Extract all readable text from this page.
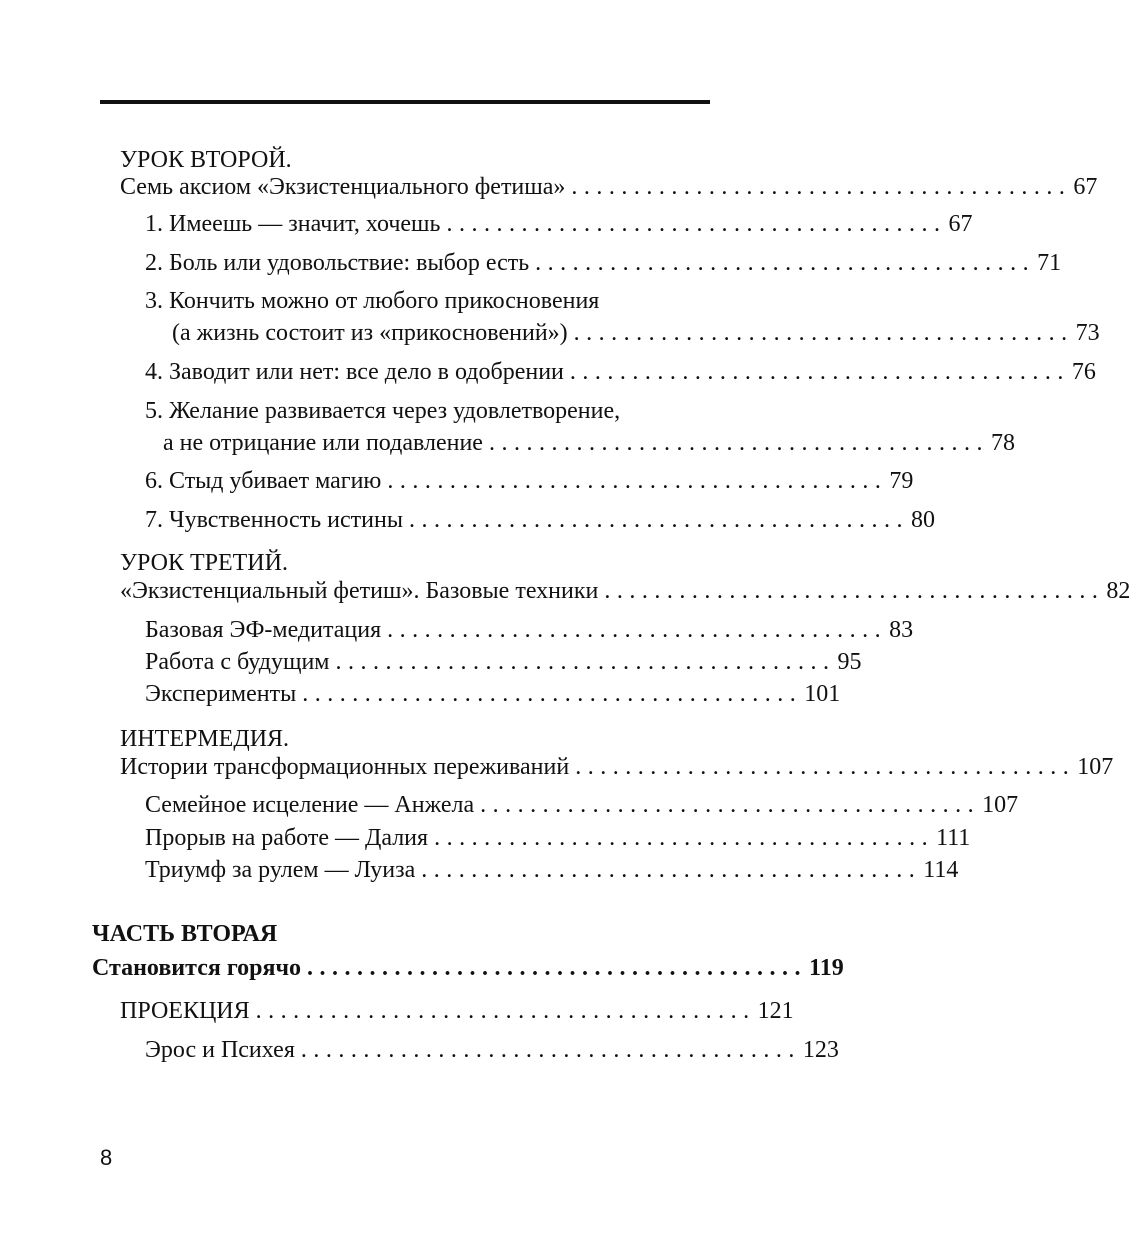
УРОК ВТОРОЙ.
Семь аксиом «Экзистенциального фетиша» ........................................ 67
1. Имеешь — значит, хочешь ........................................ 67
2. Боль или удовольствие: выбор есть ........................................ 71
3. Кончить можно от любого прикосновения
(а жизнь состоит из «прикосновений») ........................................ 73
4. Заводит или нет: все дело в одобрении ........................................ 76
5. Желание развивается через удовлетворение,
а не отрицание или подавление ........................................ 78
6. Стыд убивает магию ........................................ 79
7. Чувственность истины ........................................ 80
УРОК ТРЕТИЙ.
«Экзистенциальный фетиш». Базовые техники ........................................ 82
Базовая ЭФ-медитация ........................................ 83
Работа с будущим ........................................ 95
Эксперименты ........................................ 101
ИНТЕРМЕДИЯ.
Истории трансформационных переживаний ........................................ 107
Семейное исцеление — Анжела ........................................ 107
Прорыв на работе — Далия ........................................ 111
Триумф за рулем — Луиза ........................................ 114
ЧАСТЬ ВТОРАЯ
Становится горячо ........................................ 119
ПРОЕКЦИЯ ........................................ 121
Эрос и Психея ........................................ 123
8
